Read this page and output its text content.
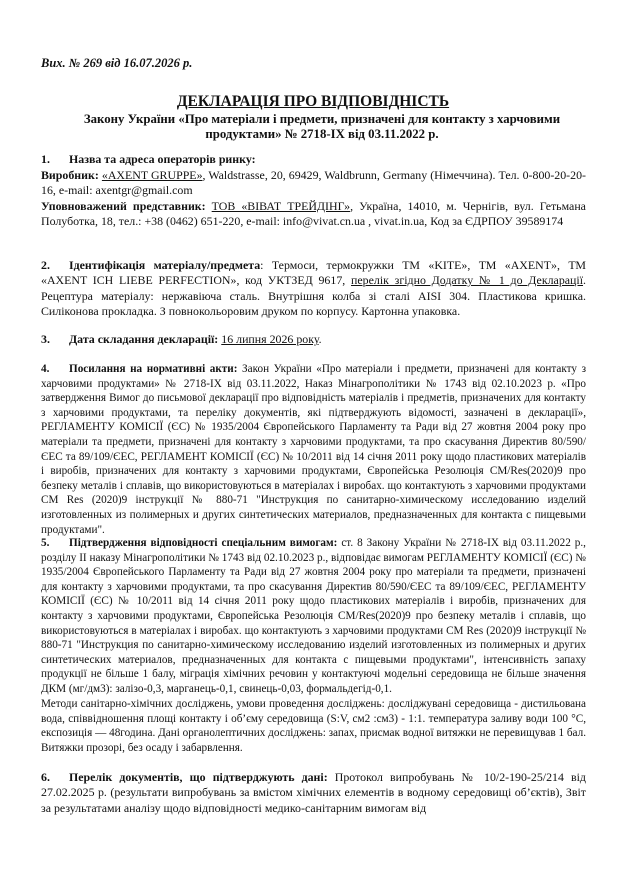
Вих. № 269 від 16.07.2026 р.
ДЕКЛАРАЦІЯ ПРО ВІДПОВІДНІСТЬ
Закону України «Про матеріали і предмети, призначені для контакту з харчовими продуктами» № 2718-IX від 03.11.2022 р.

1. Назва та адреса операторів ринку:

Виробник: «AXENT GRUPPE», Waldstrasse, 20, 69429, Waldbrunn, Germany (Німеччина). Тел. 0-800-20-20-16, e-mail: axentgr@gmail.com

Уповноважений представник: ТОВ «ВІВАТ ТРЕЙДІНГ», Україна, 14010, м. Чернігів, вул. Гетьмана Полуботка, 18, тел.: +38 (0462) 651-220, e-mail: info@vivat.cn.ua , vivat.in.ua, Код за ЄДРПОУ 39589174

2. Ідентифікація матеріалу/предмета: Термоси, термокружки ТМ «KITE», ТМ «AXENT», ТМ «AXENT ICH LIEBE PERFECTION», код УКТЗЕД 9617, перелік згідно Додатку № 1 до Декларації. Рецептура матеріалу: нержавіюча сталь. Внутрішня колба зі сталі AISI 304. Пластикова кришка. Силіконова прокладка. З повнокольоровим друком по корпусу. Картонна упаковка.

3. Дата складання декларації: 16 липня 2026 року.

4. Посилання на нормативні акти: Закон України «Про матеріали і предмети, призначені для контакту з харчовими продуктами» № 2718-IX від 03.11.2022, Наказ Мінагрополітики № 1743 від 02.10.2023 р. «Про затвердження Вимог до письмової декларації про відповідність матеріалів і предметів, призначених для контакту з харчовими продуктами, та переліку документів, які підтверджують відомості, зазначені в декларації», РЕГЛАМЕНТУ КОМІСІЇ (ЄС) № 1935/2004 Європейського Парламенту та Ради від 27 жовтня 2004 року про матеріали та предмети, призначені для контакту з харчовими продуктами, та про скасування Директив 80/590/ЄЕС та 89/109/ЄЕС, РЕГЛАМЕНТ КОМІСІЇ (ЄС) № 10/2011 від 14 січня 2011 року щодо пластикових матеріалів і виробів, призначених для контакту з харчовими продуктами, Європейська Резолюція CM/Res(2020)9 про безпеку металів і сплавів, що використовуються в матеріалах і виробах. що контактують з харчовими продуктами CM Res (2020)9 інструкції № 880-71 "Инструкция по санитарно-химическому исследованию изделий изготовленных из полимерных и других синтетических материалов, предназначенных для контакта с пищевыми продуктами".

5. Підтвердження відповідності спеціальним вимогам: ст. 8 Закону України № 2718-IX від 03.11.2022 р., розділу II наказу Мінагрополітики № 1743 від 02.10.2023 р., відповідає вимогам РЕГЛАМЕНТУ КОМІСІЇ (ЄС) № 1935/2004 Європейського Парламенту та Ради від 27 жовтня 2004 року про матеріали та предмети, призначені для контакту з харчовими продуктами, та про скасування Директив 80/590/ЄЕС та 89/109/ЄЕС, РЕГЛАМЕНТУ КОМІСІЇ (ЄС) № 10/2011 від 14 січня 2011 року щодо пластикових матеріалів і виробів, призначених для контакту з харчовими продуктами, Європейська Резолюція CM/Res(2020)9 про безпеку металів і сплавів, що використовуються в матеріалах і виробах. що контактують з харчовими продуктами CM Res (2020)9 інструкції № 880-71 "Инструкция по санитарно-химическому исследованию изделий изготовленных из полимерных и других синтетических материалов, предназначенных для контакта с пищевыми продуктами", інтенсивність запаху продукції не більше 1 балу, міграція хімічних речовин у контактуючі модельні середовища не більше значення ДКМ (мг/дм3): залізо-0,3, марганець-0,1, свинець-0,03, формальдегід-0,1.

Методи санітарно-хімічних досліджень, умови проведення досліджень: досліджувані середовища - дистильована вода, співвідношення площі контакту і об’єму середовища (S:V, см2 :см3) - 1:1. температура заливу води 100 °С, експозиція — 48година. Дані органолептичних досліджень: запах, присмак водної витяжки не перевищував 1 бал. Витяжки прозорі, без осаду і забарвлення.

6. Перелік документів, що підтверджують дані: Протокол випробувань № 10/2-190-25/214 від 27.02.2025 р. (результати випробувань за вмістом хімічних елементів в водному середовищі об’єктів), Звіт за результатами аналізу щодо відповідності медико-санітарним вимогам від
